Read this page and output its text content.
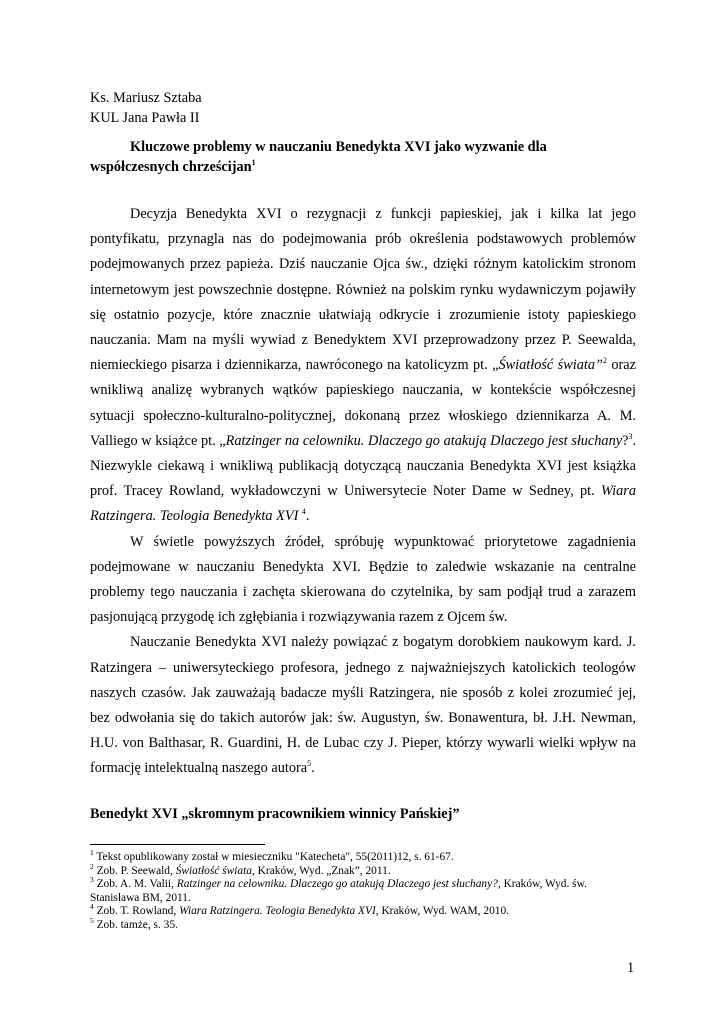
Ks. Mariusz Sztaba
KUL Jana Pawła II
Kluczowe problemy w nauczaniu Benedykta XVI jako wyzwanie dla współczesnych chrześcijan$^1$

Decyzja Benedykta XVI o rezygnacji z funkcji papieskiej, jak i kilka lat jego pontyfikatu, przynagla nas do podejmowania prób określenia podstawowych problemów podejmowanych przez papieża. Dziś nauczanie Ojca św., dzięki różnym katolickim stronom internetowym jest powszechnie dostępne. Również na polskim rynku wydawniczym pojawiły się ostatnio pozycje, które znacznie ułatwiają odkrycie i zrozumienie istoty papieskiego nauczania. Mam na myśli wywiad z Benedyktem XVI przeprowadzony przez P. Seewalda, niemieckiego pisarza i dziennikarza, nawróconego na katolicyzm pt. „Światłość świata”$^2$ oraz wnikliwą analizę wybranych wątków papieskiego nauczania, w kontekście współczesnej sytuacji społeczno-kulturalno-politycznej, dokonaną przez włoskiego dziennikarza A. M. Valliego w książce pt. „Ratzinger na celowniku. Dlaczego go atakują Dlaczego jest słuchany?$^3$. Niezwykle ciekawą i wnikliwą publikacją dotyczącą nauczania Benedykta XVI jest książka prof. Tracey Rowland, wykładowczyni w Uniwersytecie Noter Dame w Sedney, pt. Wiara Ratzingera. Teologia Benedykta XVI $^4$.

W świetle powyższych źródeł, spróbuję wypunktować priorytetowe zagadnienia podejmowane w nauczaniu Benedykta XVI. Będzie to zaledwie wskazanie na centralne problemy tego nauczania i zachęta skierowana do czytelnika, by sam podjął trud a zarazem pasjonującą przygodę ich zgłębiania i rozwiązywania razem z Ojcem św.

Nauczanie Benedykta XVI należy powiązać z bogatym dorobkiem naukowym kard. J. Ratzingera – uniwersyteckiego profesora, jednego z najważniejszych katolickich teologów naszych czasów. Jak zauważają badacze myśli Ratzingera, nie sposób z kolei zrozumieć jej, bez odwołania się do takich autorów jak: św. Augustyn, św. Bonawentura, bł. J.H. Newman, H.U. von Balthasar, R. Guardini, H. de Lubac czy J. Pieper, którzy wywarli wielki wpływ na formację intelektualną naszego autora$^5$.

Benedykt XVI „skromnym pracownikiem winnicy Pańskiej”
$^1$ Tekst opublikowany został w miesieczniku "Katecheta", 55(2011)12, s. 61-67.
$^2$ Zob. P. Seewald, Światłość świata, Kraków, Wyd. „Znak”, 2011.
$^3$ Zob. A. M. Valii, Ratzinger na celowniku. Dlaczego go atakują Dlaczego jest słuchany?, Kraków, Wyd. św. Stanisława BM, 2011.
$^4$ Zob. T. Rowland, Wiara Ratzingera. Teologia Benedykta XVI, Kraków, Wyd. WAM, 2010.
$^5$ Zob. tamże, s. 35.
1
